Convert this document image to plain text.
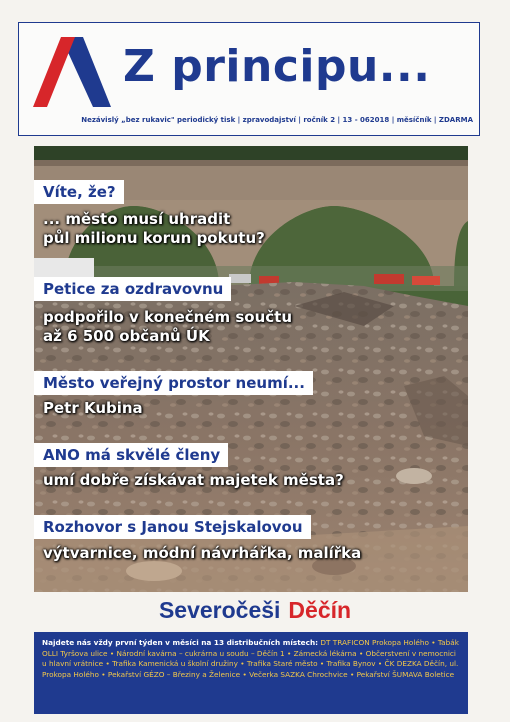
Z principu...
Nezávislý „bez rukavic" periodický tisk | zpravodajství | ročník 2 | 13 - 062018 | měsíčník | ZDARMA
Víte, že?
... město musí uhradit
půl milionu korun pokutu?
Petice za ozdravovnu
podpořilo v konečném součtu
až 6 500 občanů ÚK
Město veřejný prostor neumí...
Petr Kubina
ANO má skvělé členy
umí dobře získávat majetek města?
Rozhovor s Janou Stejskalovou
výtvarnice, módní návrhářka, malířka
Severočeši Děčín
Najdete nás vždy první týden v měsíci na 13 distribučních místech: DT TRAFICON Prokopa Holého • Tabák OLLI Tyršova ulice • Národní kavárna – cukrárna u soudu – Děčín 1 • Zámecká lékárna • Občerstvení v nemocnici u hlavní vrátnice • Trafika Kamenická u školní družiny • Trafika Staré město • Trafika Bynov • ČK DEZKA Děčín, ul. Prokopa Holého • Pekařství GÉZO – Březiny a Želenice • Večerka SAZKA Chrochvice • Pekařství ŠUMAVA Boletice
